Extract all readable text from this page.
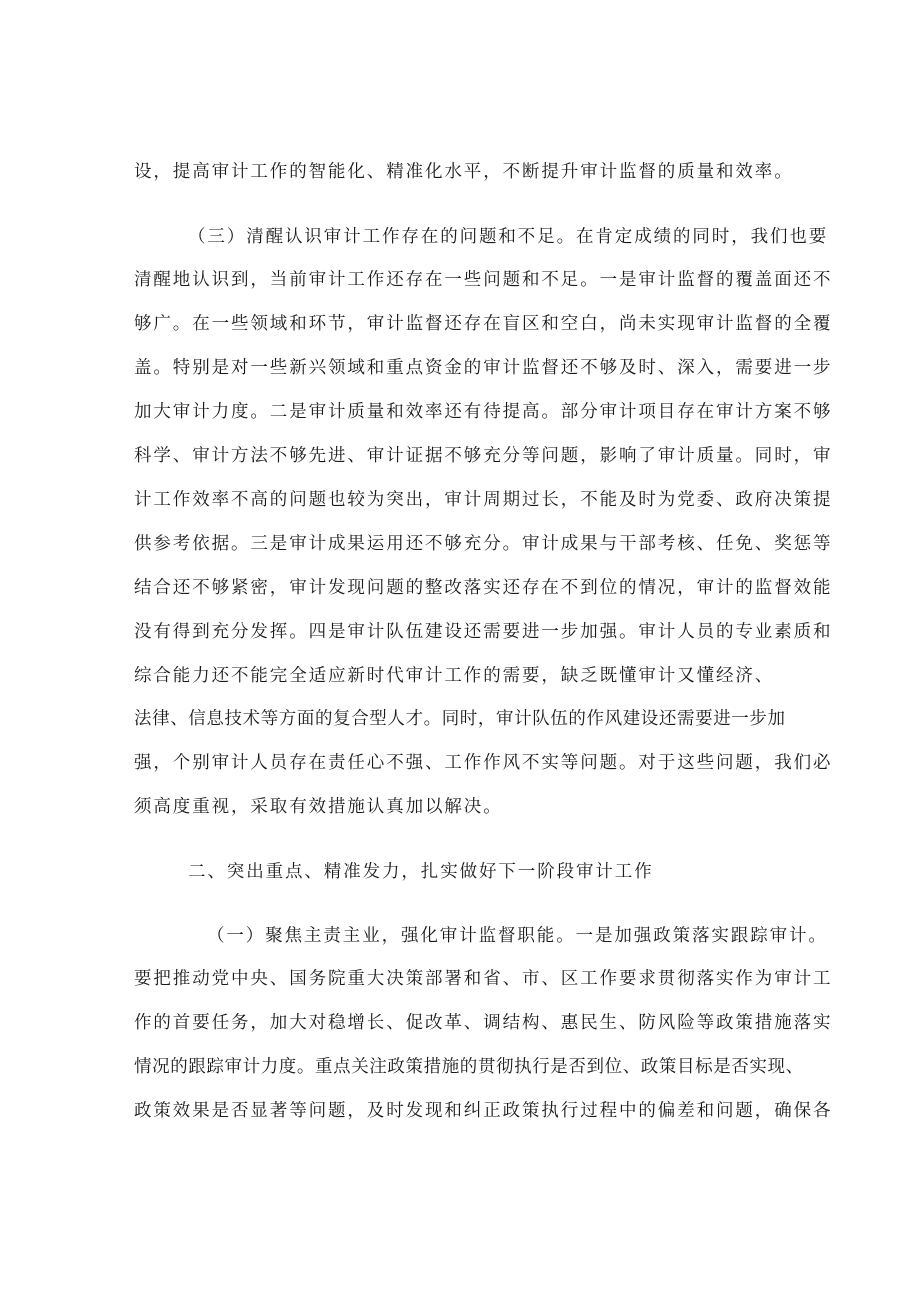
设，提高审计工作的智能化、精准化水平，不断提升审计监督的质量和效率。
（三）清醒认识审计工作存在的问题和不足。在肯定成绩的同时，我们也要
清醒地认识到，当前审计工作还存在一些问题和不足。一是审计监督的覆盖面还不
够广。在一些领域和环节，审计监督还存在盲区和空白，尚未实现审计监督的全覆
盖。特别是对一些新兴领域和重点资金的审计监督还不够及时、深入，需要进一步
加大审计力度。二是审计质量和效率还有待提高。部分审计项目存在审计方案不够
科学、审计方法不够先进、审计证据不够充分等问题，影响了审计质量。同时，审
计工作效率不高的问题也较为突出，审计周期过长，不能及时为党委、政府决策提
供参考依据。三是审计成果运用还不够充分。审计成果与干部考核、任免、奖惩等
结合还不够紧密，审计发现问题的整改落实还存在不到位的情况，审计的监督效能
没有得到充分发挥。四是审计队伍建设还需要进一步加强。审计人员的专业素质和
综合能力还不能完全适应新时代审计工作的需要，缺乏既懂审计又懂经济、
法律、信息技术等方面的复合型人才。同时，审计队伍的作风建设还需要进一步加
强，个别审计人员存在责任心不强、工作作风不实等问题。对于这些问题，我们必
须高度重视，采取有效措施认真加以解决。
二、突出重点、精准发力，扎实做好下一阶段审计工作
（一）聚焦主责主业，强化审计监督职能。一是加强政策落实跟踪审计。
要把推动党中央、国务院重大决策部署和省、市、区工作要求贯彻落实作为审计工
作的首要任务，加大对稳增长、促改革、调结构、惠民生、防风险等政策措施落实
情况的跟踪审计力度。重点关注政策措施的贯彻执行是否到位、政策目标是否实现、
政策效果是否显著等问题，及时发现和纠正政策执行过程中的偏差和问题，确保各
